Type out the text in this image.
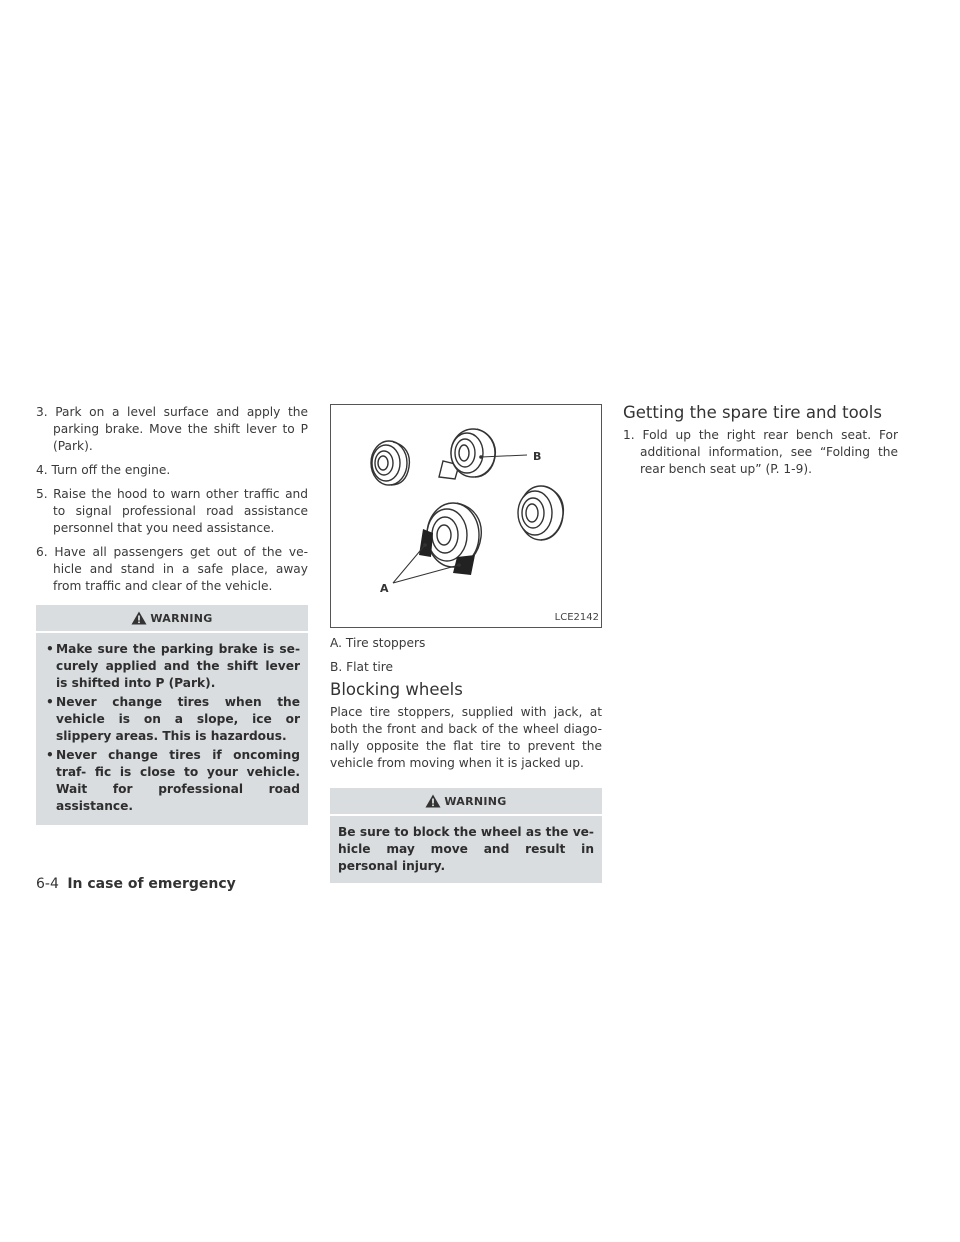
3. Park on a level surface and apply the parking brake. Move the shift lever to P (Park).

4. Turn off the engine.

5. Raise the hood to warn other traffic and to signal professional road assistance personnel that you need assistance.

6. Have all passengers get out of the ve- hicle and stand in a safe place, away from traffic and clear of the vehicle.

WARNING
• Make sure the parking brake is se- curely applied and the shift lever is shifted into P (Park).
• Never change tires when the vehicle is on a slope, ice or slippery areas. This is hazardous.
• Never change tires if oncoming traf- fic is close to your vehicle. Wait for professional road assistance.
B
A
LCE2142

A. Tire stoppers

B. Flat tire

Blocking wheels

Place tire stoppers, supplied with jack, at both the front and back of the wheel diago- nally opposite the flat tire to prevent the vehicle from moving when it is jacked up.

WARNING

Be sure to block the wheel as the ve- hicle may move and result in personal injury.

Getting the spare tire and tools

1. Fold up the right rear bench seat. For additional information, see “Folding the rear bench seat up” (P. 1-9).

6-4 In case of emergency
